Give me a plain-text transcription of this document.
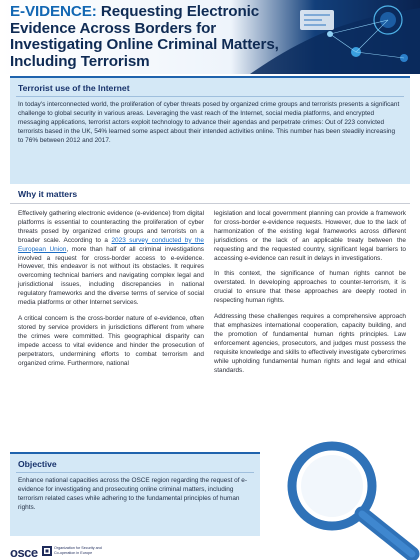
E-VIDENCE: Requesting Electronic Evidence Across Borders for Investigating Online Criminal Matters, Including Terrorism
Terrorist use of the Internet
In today's interconnected world, the proliferation of cyber threats posed by organized crime groups and terrorists presents a significant challenge to global security in various areas. Leveraging the vast reach of the Internet, social media platforms, and encrypted messaging applications, terrorist actors exploit technology to advance their agendas and perpetrate crimes: Out of 223 convicted terrorists based in the UK, 54% learned some aspect about their intended activities online. This number has been steadily increasing to 76% between 2012 and 2017.
Why it matters

Effectively gathering electronic evidence (e-evidence) from digital platforms is essential to counteracting the proliferation of cyber threats posed by organized crime groups and terrorists on a broader scale. According to a 2023 survey conducted by the European Union, more than half of all criminal investigations involved a request for cross-border access to e-evidence. However, this endeavor is not without its obstacles. It requires overcoming technical barriers and navigating complex legal and jurisdictional issues, including discrepancies in national regulatory frameworks and the diverse terms of service of social media platforms or other Internet services.

A critical concern is the cross-border nature of e-evidence, often stored by service providers in jurisdictions different from where the crimes were committed. This geographical disparity can impede access to vital evidence and hinder the prosecution of perpetrators, undermining efforts to combat terrorism and organized crime. Furthermore, national

legislation and local government planning can provide a framework for cross-border e-evidence requests. However, due to the lack of harmonization of the existing legal frameworks across different jurisdictions or the lack of an applicable treaty between the requesting and the requested country, significant legal barriers to accessing e-evidence can result in delays in investigations.

In this context, the significance of human rights cannot be overstated. In developing approaches to counter-terrorism, it is crucial to ensure that these approaches are deeply rooted in respecting human rights.

Addressing these challenges requires a comprehensive approach that emphasizes international cooperation, capacity building, and the promotion of fundamental human rights principles. Law enforcement agencies, prosecutors, and judges must possess the requisite knowledge and skills to effectively investigate cybercrimes while upholding fundamental human rights and legal and ethical standards.

Objective
Enhance national capacities across the OSCE region regarding the request of e-evidence for investigating and prosecuting online criminal matters, including terrorism related cases while adhering to the fundamental principles of human rights.
osce	Organization for Security and
Co-operation in Europe
